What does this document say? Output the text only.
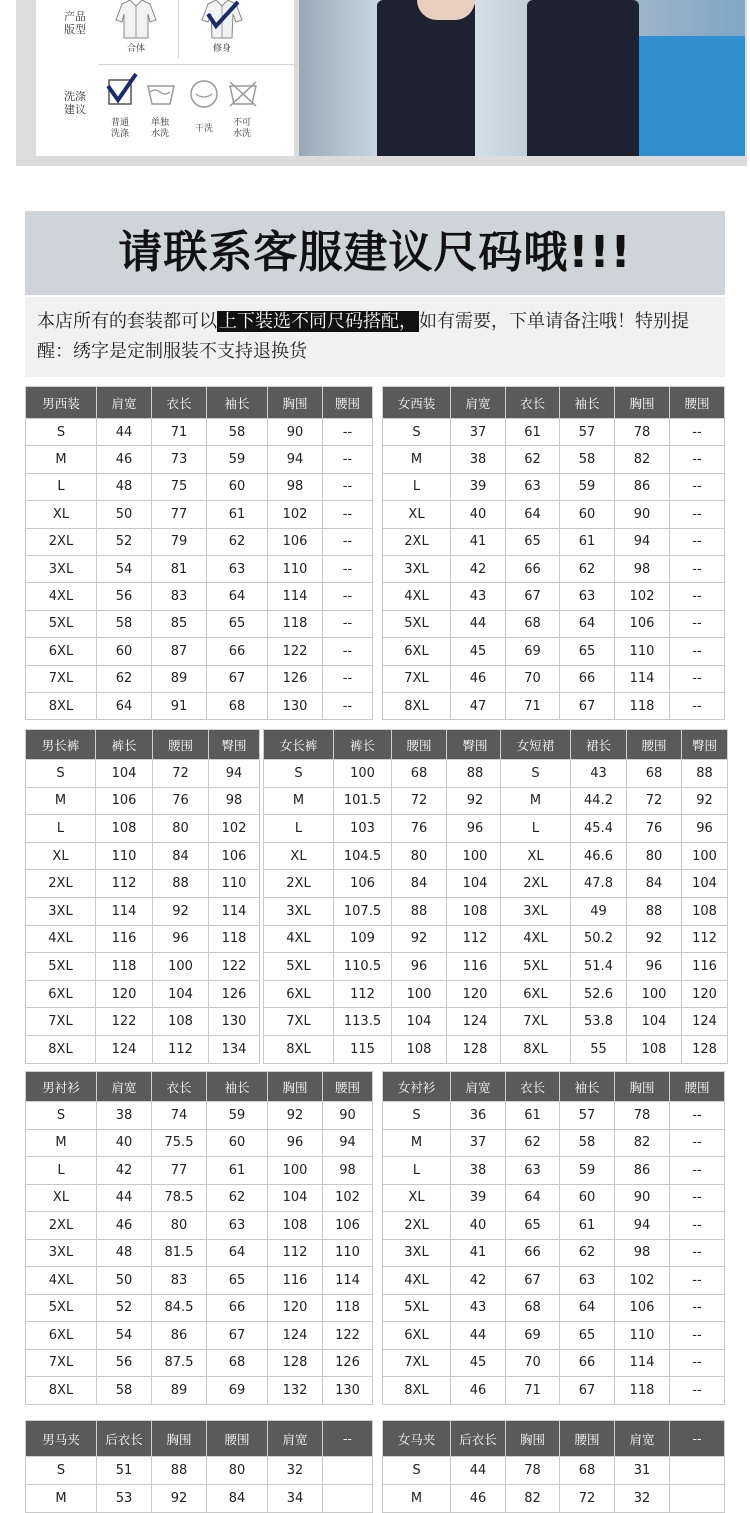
产品版型
合体	修身
洗涤建议
普通洗涤
单独水洗	干洗
不可水洗
请联系客服建议尺码哦!!!

本店所有的套装都可以 上下装选不同尺码搭配， 如有需要，下单请备注哦！特别提醒：绣字是定制服装不支持退换货

男西装	肩宽	衣长	袖长	胸围	腰围
S	44	71	58	90	--
M	46	73	59	94	--
L	48	75	60	98	--
XL	50	77	61	102	--
2XL	52	79	62	106	--
3XL	54	81	63	110	--
4XL	56	83	64	114	--
5XL	58	85	65	118	--
6XL	60	87	66	122	--
7XL	62	89	67	126	--
8XL	64	91	68	130	--
女西装	肩宽	衣长	袖长	胸围	腰围
S	37	61	57	78	--
M	38	62	58	82	--
L	39	63	59	86	--
XL	40	64	60	90	--
2XL	41	65	61	94	--
3XL	42	66	62	98	--
4XL	43	67	63	102	--
5XL	44	68	64	106	--
6XL	45	69	65	110	--
7XL	46	70	66	114	--
8XL	47	71	67	118	--
男长裤	裤长	腰围	臀围
S	104	72	94
M	106	76	98
L	108	80	102
XL	110	84	106
2XL	112	88	110
3XL	114	92	114
4XL	116	96	118
5XL	118	100	122
6XL	120	104	126
7XL	122	108	130
8XL	124	112	134
女长裤	裤长	腰围	臀围
S	100	68	88
M	101.5	72	92
L	103	76	96
XL	104.5	80	100
2XL	106	84	104
3XL	107.5	88	108
4XL	109	92	112
5XL	110.5	96	116
6XL	112	100	120
7XL	113.5	104	124
8XL	115	108	128
女短裙	裙长	腰围	臀围
S	43	68	88
M	44.2	72	92
L	45.4	76	96
XL	46.6	80	100
2XL	47.8	84	104
3XL	49	88	108
4XL	50.2	92	112
5XL	51.4	96	116
6XL	52.6	100	120
7XL	53.8	104	124
8XL	55	108	128
男衬衫	肩宽	衣长	袖长	胸围	腰围
S	38	74	59	92	90
M	40	75.5	60	96	94
L	42	77	61	100	98
XL	44	78.5	62	104	102
2XL	46	80	63	108	106
3XL	48	81.5	64	112	110
4XL	50	83	65	116	114
5XL	52	84.5	66	120	118
6XL	54	86	67	124	122
7XL	56	87.5	68	128	126
8XL	58	89	69	132	130
女衬衫	肩宽	衣长	袖长	胸围	腰围
S	36	61	57	78	--
M	37	62	58	82	--
L	38	63	59	86	--
XL	39	64	60	90	--
2XL	40	65	61	94	--
3XL	41	66	62	98	--
4XL	42	67	63	102	--
5XL	43	68	64	106	--
6XL	44	69	65	110	--
7XL	45	70	66	114	--
8XL	46	71	67	118	--
男马夹	后衣长	胸围	腰围	肩宽	--
S	51	88	80	32	
M	53	92	84	34	
女马夹	后衣长	胸围	腰围	肩宽	--
S	44	78	68	31	
M	46	82	72	32	
